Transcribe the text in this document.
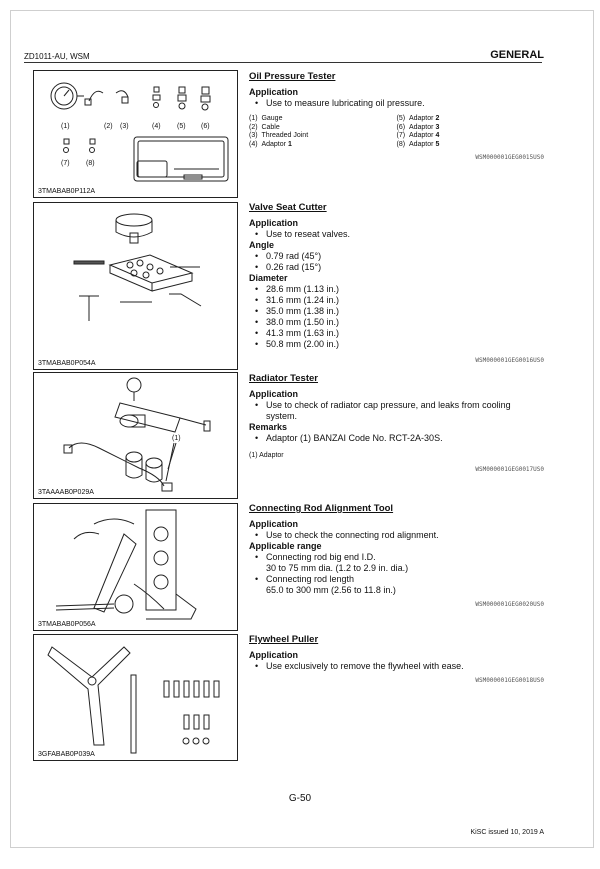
ZD1011-AU, WSM	GENERAL
(1)	(2) (3)	(4) (5) (6)
(7) (8)
3TMABAB0P112A
Oil Pressure Tester
Application
• Use to measure lubricating oil pressure.
(1) Gauge
(2) Cable
(3) Threaded Joint
(4) Adaptor 1
(5) Adaptor 2
(6) Adaptor 3
(7) Adaptor 4
(8) Adaptor 5
WSM000001GEG0015US0
3TMABAB0P054A
Valve Seat Cutter
Application
• Use to reseat valves.
Angle
• 0.79 rad (45°)
• 0.26 rad (15°)
Diameter
• 28.6 mm (1.13 in.)
• 31.6 mm (1.24 in.)
• 35.0 mm (1.38 in.)
• 38.0 mm (1.50 in.)
• 41.3 mm (1.63 in.)
• 50.8 mm (2.00 in.)
WSM000001GEG0016US0
(1)
3TAAAAB0P029A
Radiator Tester
Application
• Use to check of radiator cap pressure, and leaks from cooling system.
Remarks
• Adaptor (1) BANZAI Code No. RCT-2A-30S.
(1) Adaptor
WSM000001GEG0017US0
3TMABAB0P056A
Connecting Rod Alignment Tool
Application
• Use to check the connecting rod alignment.
Applicable range
• Connecting rod big end I.D.
30 to 75 mm dia. (1.2 to 2.9 in. dia.)
• Connecting rod length
65.0 to 300 mm (2.56 to 11.8 in.)
WSM000001GEG0020US0
3GFABAB0P039A
Flywheel Puller
Application
• Use exclusively to remove the flywheel with ease.
WSM000001GEG0018US0
G-50
KiSC issued 10, 2019 A
